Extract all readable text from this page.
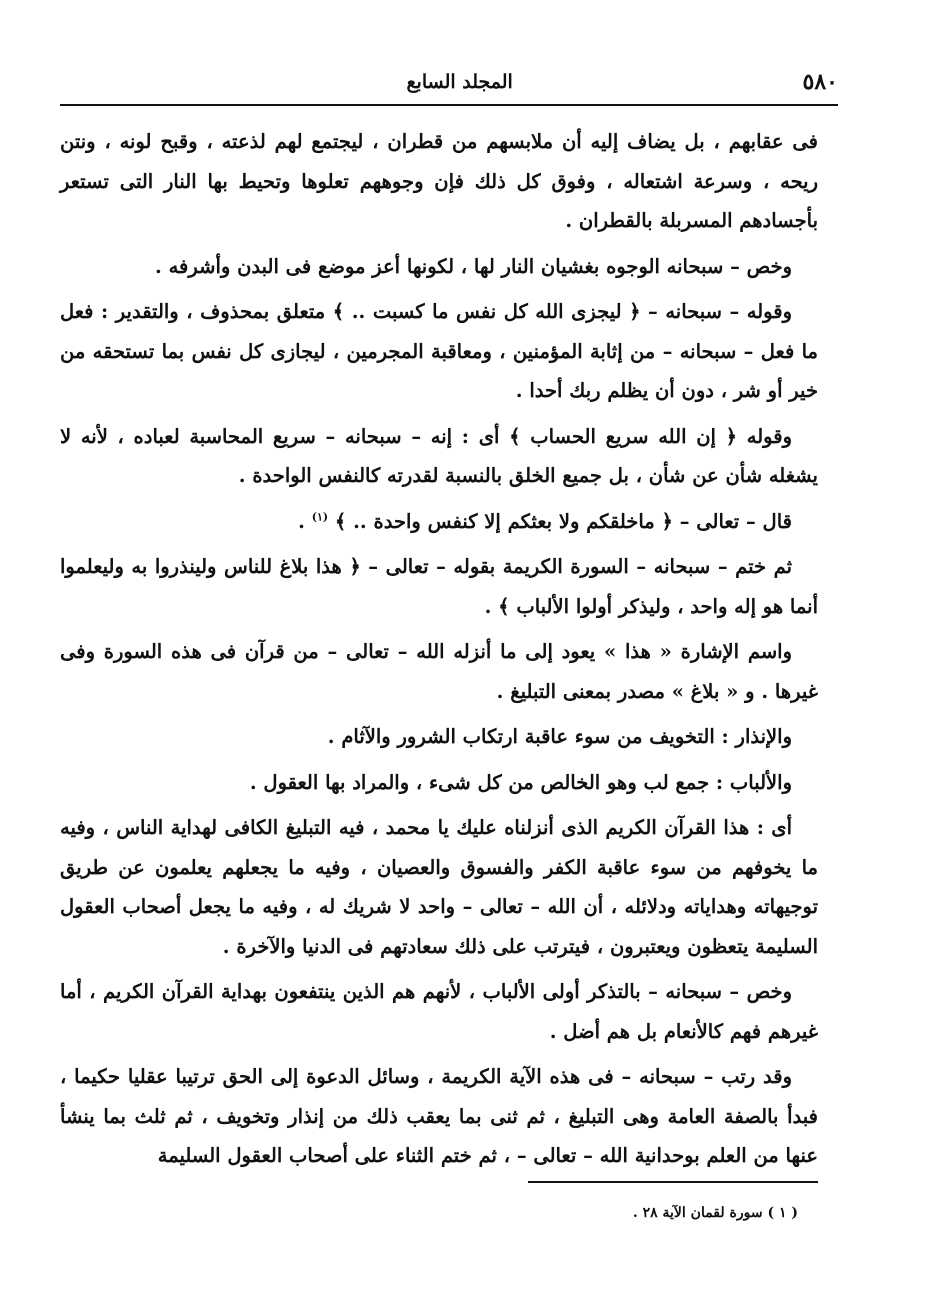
٥٨٠
المجلد السابع

فى عقابهم ، بل يضاف إليه أن ملابسهم من قطران ، ليجتمع لهم لذعته ، وقبح لونه ، ونتن ريحه ، وسرعة اشتعاله ، وفوق كل ذلك فإن وجوههم تعلوها وتحيط بها النار التى تستعر بأجسادهم المسربلة بالقطران .

وخص – سبحانه الوجوه بغشيان النار لها ، لكونها أعز موضع فى البدن وأشرفه .

وقوله – سبحانه – ﴿ ليجزى الله كل نفس ما كسبت .. ﴾ متعلق بمحذوف ، والتقدير : فعل ما فعل – سبحانه – من إثابة المؤمنين ، ومعاقبة المجرمين ، ليجازى كل نفس بما تستحقه من خير أو شر ، دون أن يظلم ربك أحدا .

وقوله ﴿ إن الله سريع الحساب ﴾ أى : إنه – سبحانه – سريع المحاسبة لعباده ، لأنه لا يشغله شأن عن شأن ، بل جميع الخلق بالنسبة لقدرته كالنفس الواحدة .

قال – تعالى – ﴿ ماخلقكم ولا بعثكم إلا كنفس واحدة .. ﴾ $^{(١)}$ .

ثم ختم – سبحانه – السورة الكريمة بقوله – تعالى – ﴿ هذا بلاغ للناس ولينذروا به وليعلموا أنما هو إله واحد ، وليذكر أولوا الألباب ﴾ .

واسم الإشارة « هذا » يعود إلى ما أنزله الله – تعالى – من قرآن فى هذه السورة وفى غيرها . و « بلاغ » مصدر بمعنى التبليغ .

والإنذار : التخويف من سوء عاقبة ارتكاب الشرور والآثام .

والألباب : جمع لب وهو الخالص من كل شىء ، والمراد بها العقول .

أى : هذا القرآن الكريم الذى أنزلناه عليك يا محمد ، فيه التبليغ الكافى لهداية الناس ، وفيه ما يخوفهم من سوء عاقبة الكفر والفسوق والعصيان ، وفيه ما يجعلهم يعلمون عن طريق توجيهاته وهداياته ودلائله ، أن الله – تعالى – واحد لا شريك له ، وفيه ما يجعل أصحاب العقول السليمة يتعظون ويعتبرون ، فيترتب على ذلك سعادتهم فى الدنيا والآخرة .

وخص – سبحانه – بالتذكر أولى الألباب ، لأنهم هم الذين ينتفعون بهداية القرآن الكريم ، أما غيرهم فهم كالأنعام بل هم أضل .

وقد رتب – سبحانه – فى هذه الآية الكريمة ، وسائل الدعوة إلى الحق ترتيبا عقليا حكيما ، فبدأ بالصفة العامة وهى التبليغ ، ثم ثنى بما يعقب ذلك من إنذار وتخويف ، ثم ثلث بما ينشأ عنها من العلم بوحدانية الله – تعالى – ، ثم ختم الثناء على أصحاب العقول السليمة

( ١ ) سورة لقمان الآية ٢٨ .
